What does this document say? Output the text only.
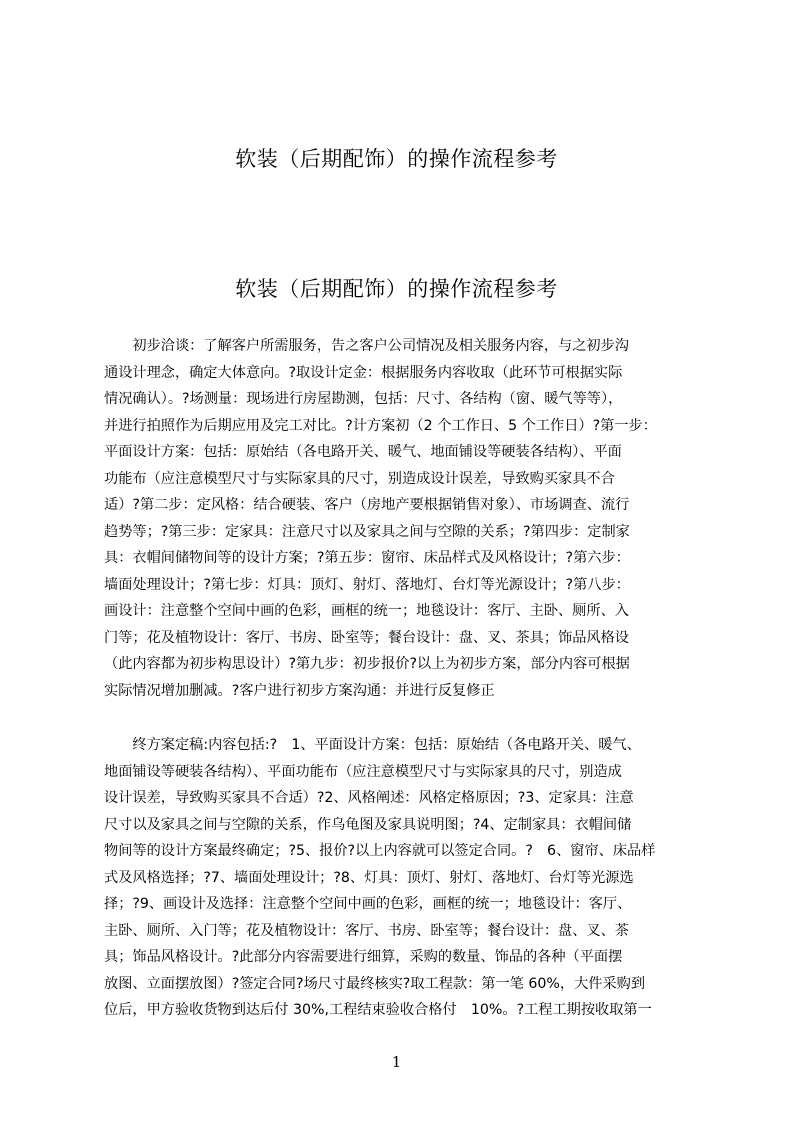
软装（后期配饰）的操作流程参考
软装（后期配饰）的操作流程参考
　　初步洽谈：了解客户所需服务，告之客户公司情况及相关服务内容，与之初步沟
通设计理念，确定大体意向。?取设计定金：根据服务内容收取（此环节可根据实际
情况确认）。?场测量：现场进行房屋勘测，包括：尺寸、各结构（窗、暖气等等），
并进行拍照作为后期应用及完工对比。?计方案初（2 个工作日、5 个工作日）?第一步：
平面设计方案：包括：原始结（各电路开关、暖气、地面铺设等硬装各结构）、平面
功能布（应注意模型尺寸与实际家具的尺寸，别造成设计误差，导致购买家具不合
适）?第二步：定风格：结合硬装、客户（房地产要根据销售对象）、市场调查、流行
趋势等；?第三步：定家具：注意尺寸以及家具之间与空隙的关系；?第四步：定制家
具：衣帽间储物间等的设计方案；?第五步：窗帘、床品样式及风格设计；?第六步：
墙面处理设计；?第七步：灯具：顶灯、射灯、落地灯、台灯等光源设计；?第八步：
画设计：注意整个空间中画的色彩，画框的统一；地毯设计：客厅、主卧、厕所、入
门等；花及植物设计：客厅、书房、卧室等；餐台设计：盘、叉、茶具；饰品风格设
（此内容都为初步构思设计）?第九步：初步报价?以上为初步方案，部分内容可根据
实际情况增加删减。?客户进行初步方案沟通：并进行反复修正
　　终方案定稿:内容包括:?　1、平面设计方案：包括：原始结（各电路开关、暖气、
地面铺设等硬装各结构）、平面功能布（应注意模型尺寸与实际家具的尺寸，别造成
设计误差，导致购买家具不合适）?2、风格阐述：风格定格原因；?3、定家具：注意
尺寸以及家具之间与空隙的关系，作乌龟图及家具说明图；?4、定制家具：衣帽间储
物间等的设计方案最终确定；?5、报价?以上内容就可以签定合同。?　6、窗帘、床品样
式及风格选择；?7、墙面处理设计；?8、灯具：顶灯、射灯、落地灯、台灯等光源选
择；?9、画设计及选择：注意整个空间中画的色彩，画框的统一；地毯设计：客厅、
主卧、厕所、入门等；花及植物设计：客厅、书房、卧室等；餐台设计：盘、叉、茶
具；饰品风格设计。?此部分内容需要进行细算，采购的数量、饰品的各种（平面摆
放图、立面摆放图）?签定合同?场尺寸最终核实?取工程款：第一笔 60%，大件采购到
位后，甲方验收货物到达后付 30%,工程结束验收合格付　10%。?工程工期按收取第一
1
